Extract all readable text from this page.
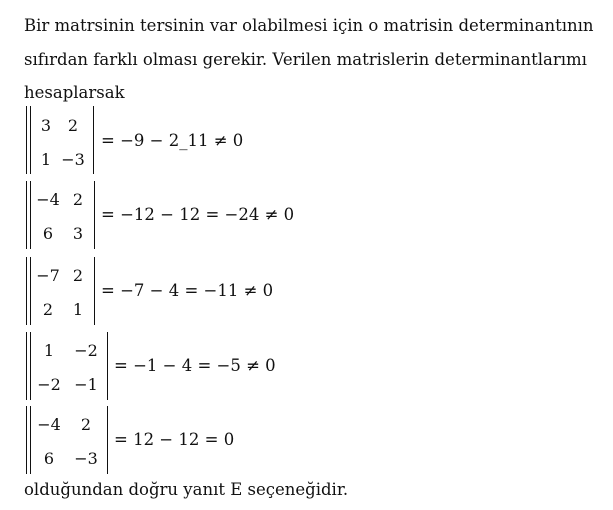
Bir matrsinin tersinin var olabilmesi için o matrisin determinantının
sıfırdan farklı olması gerekir. Verilen matrislerin determinantlarımı
hesaplarsak
3	2
1 −3
= −9 − 2_11 ≠ 0
−4 2
6	3
= −12 − 12 = −24 ≠ 0
−7 2
2	1
= −7 − 4 = −11 ≠ 0
1	−2
−2 −1
= −1 − 4 = −5 ≠ 0
−4	2
6	−3
= 12 − 12 = 0
olduğundan doğru yanıt E seçeneğidir.
